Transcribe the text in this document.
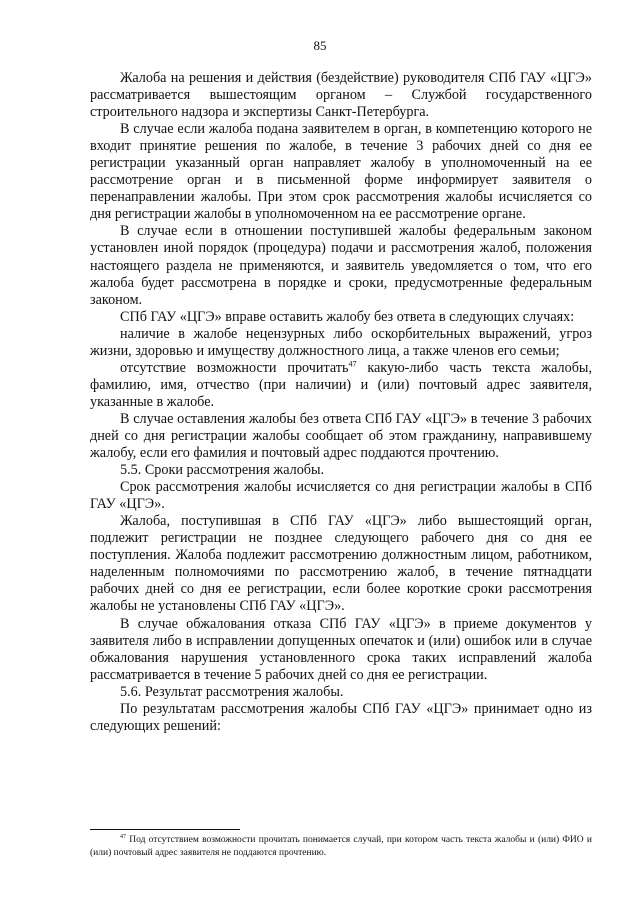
85

Жалоба на решения и действия (бездействие) руководителя СПб ГАУ «ЦГЭ» рассматривается вышестоящим органом – Службой государственного строительного надзора и экспертизы Санкт-Петербурга.

В случае если жалоба подана заявителем в орган, в компетенцию которого не входит принятие решения по жалобе, в течение 3 рабочих дней со дня ее регистрации указанный орган направляет жалобу в уполномоченный на ее рассмотрение орган и в письменной форме информирует заявителя о перенаправлении жалобы. При этом срок рассмотрения жалобы исчисляется со дня регистрации жалобы в уполномоченном на ее рассмотрение органе.

В случае если в отношении поступившей жалобы федеральным законом установлен иной порядок (процедура) подачи и рассмотрения жалоб, положения настоящего раздела не применяются, и заявитель уведомляется о том, что его жалоба будет рассмотрена в порядке и сроки, предусмотренные федеральным законом.

СПб ГАУ «ЦГЭ» вправе оставить жалобу без ответа в следующих случаях:

наличие в жалобе нецензурных либо оскорбительных выражений, угроз жизни, здоровью и имуществу должностного лица, а также членов его семьи;

отсутствие возможности прочитать$^{47}$ какую-либо часть текста жалобы, фамилию, имя, отчество (при наличии) и (или) почтовый адрес заявителя, указанные в жалобе.

В случае оставления жалобы без ответа СПб ГАУ «ЦГЭ» в течение 3 рабочих дней со дня регистрации жалобы сообщает об этом гражданину, направившему жалобу, если его фамилия и почтовый адрес поддаются прочтению.

5.5. Сроки рассмотрения жалобы.

Срок рассмотрения жалобы исчисляется со дня регистрации жалобы в СПб ГАУ «ЦГЭ».

Жалоба, поступившая в СПб ГАУ «ЦГЭ» либо вышестоящий орган, подлежит регистрации не позднее следующего рабочего дня со дня ее поступления. Жалоба подлежит рассмотрению должностным лицом, работником, наделенным полномочиями по рассмотрению жалоб, в течение пятнадцати рабочих дней со дня ее регистрации, если более короткие сроки рассмотрения жалобы не установлены СПб ГАУ «ЦГЭ».

В случае обжалования отказа СПб ГАУ «ЦГЭ» в приеме документов у заявителя либо в исправлении допущенных опечаток и (или) ошибок или в случае обжалования нарушения установленного срока таких исправлений жалоба рассматривается в течение 5 рабочих дней со дня ее регистрации.

5.6. Результат рассмотрения жалобы.

По результатам рассмотрения жалобы СПб ГАУ «ЦГЭ» принимает одно из следующих решений:

$^{47}$ Под отсутствием возможности прочитать понимается случай, при котором часть текста жалобы и (или) ФИО и (или) почтовый адрес заявителя не поддаются прочтению.
